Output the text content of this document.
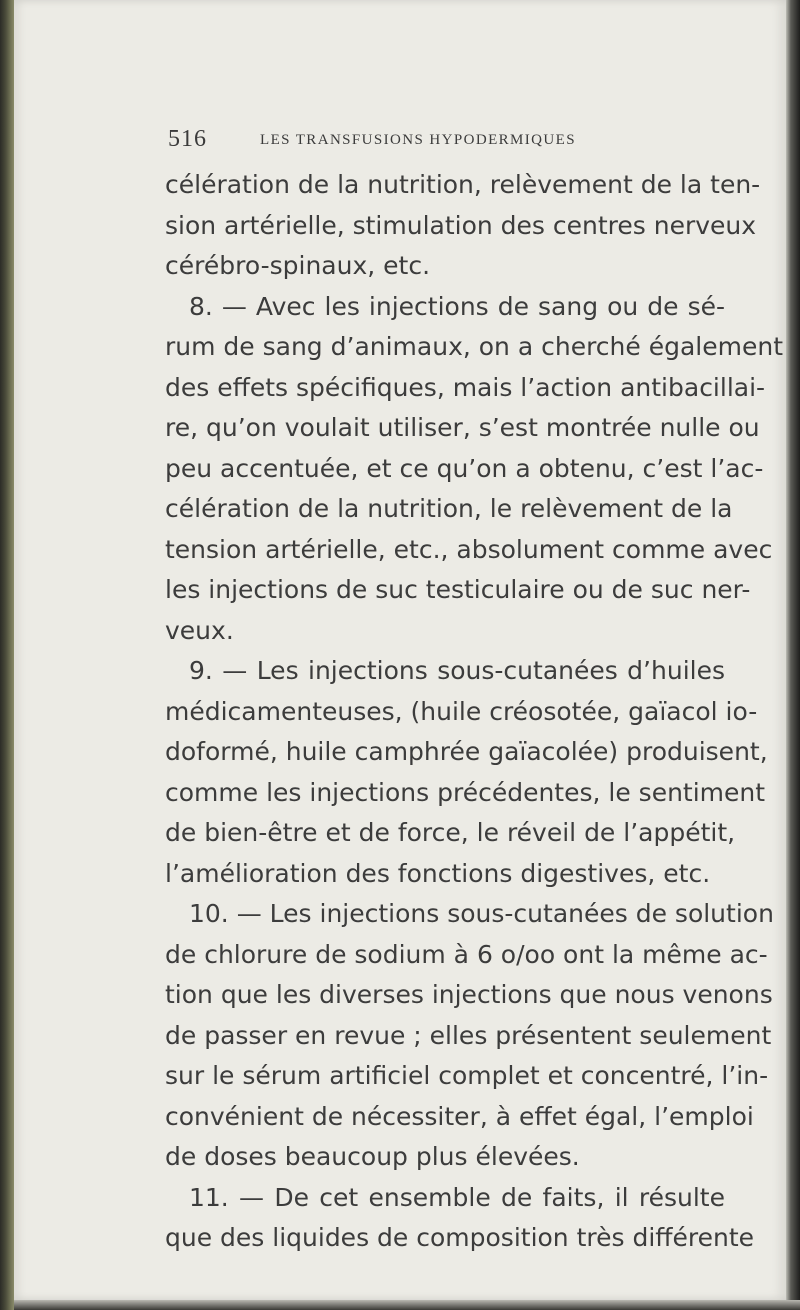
516	LES TRANSFUSIONS HYPODERMIQUES
célération de la nutrition, relèvement de la ten-
sion artérielle, stimulation des centres nerveux
cérébro-spinaux, etc.
8. — Avec les injections de sang ou de sé-
rum de sang d’animaux, on a cherché également
des effets spécifiques, mais l’action antibacillai-
re, qu’on voulait utiliser, s’est montrée nulle ou
peu accentuée, et ce qu’on a obtenu, c’est l’ac-
célération de la nutrition, le relèvement de la
tension artérielle, etc., absolument comme avec
les injections de suc testiculaire ou de suc ner-
veux.
9. — Les injections sous-cutanées d’huiles
médicamenteuses, (huile créosotée, gaïacol io-
doformé, huile camphrée gaïacolée) produisent,
comme les injections précédentes, le sentiment
de bien-être et de force, le réveil de l’appétit,
l’amélioration des fonctions digestives, etc.
10. — Les injections sous-cutanées de solution
de chlorure de sodium à 6 o/oo ont la même ac-
tion que les diverses injections que nous venons
de passer en revue ; elles présentent seulement
sur le sérum artificiel complet et concentré, l’in-
convénient de nécessiter, à effet égal, l’emploi
de doses beaucoup plus élevées.
11. — De cet ensemble de faits, il résulte
que des liquides de composition très différente
